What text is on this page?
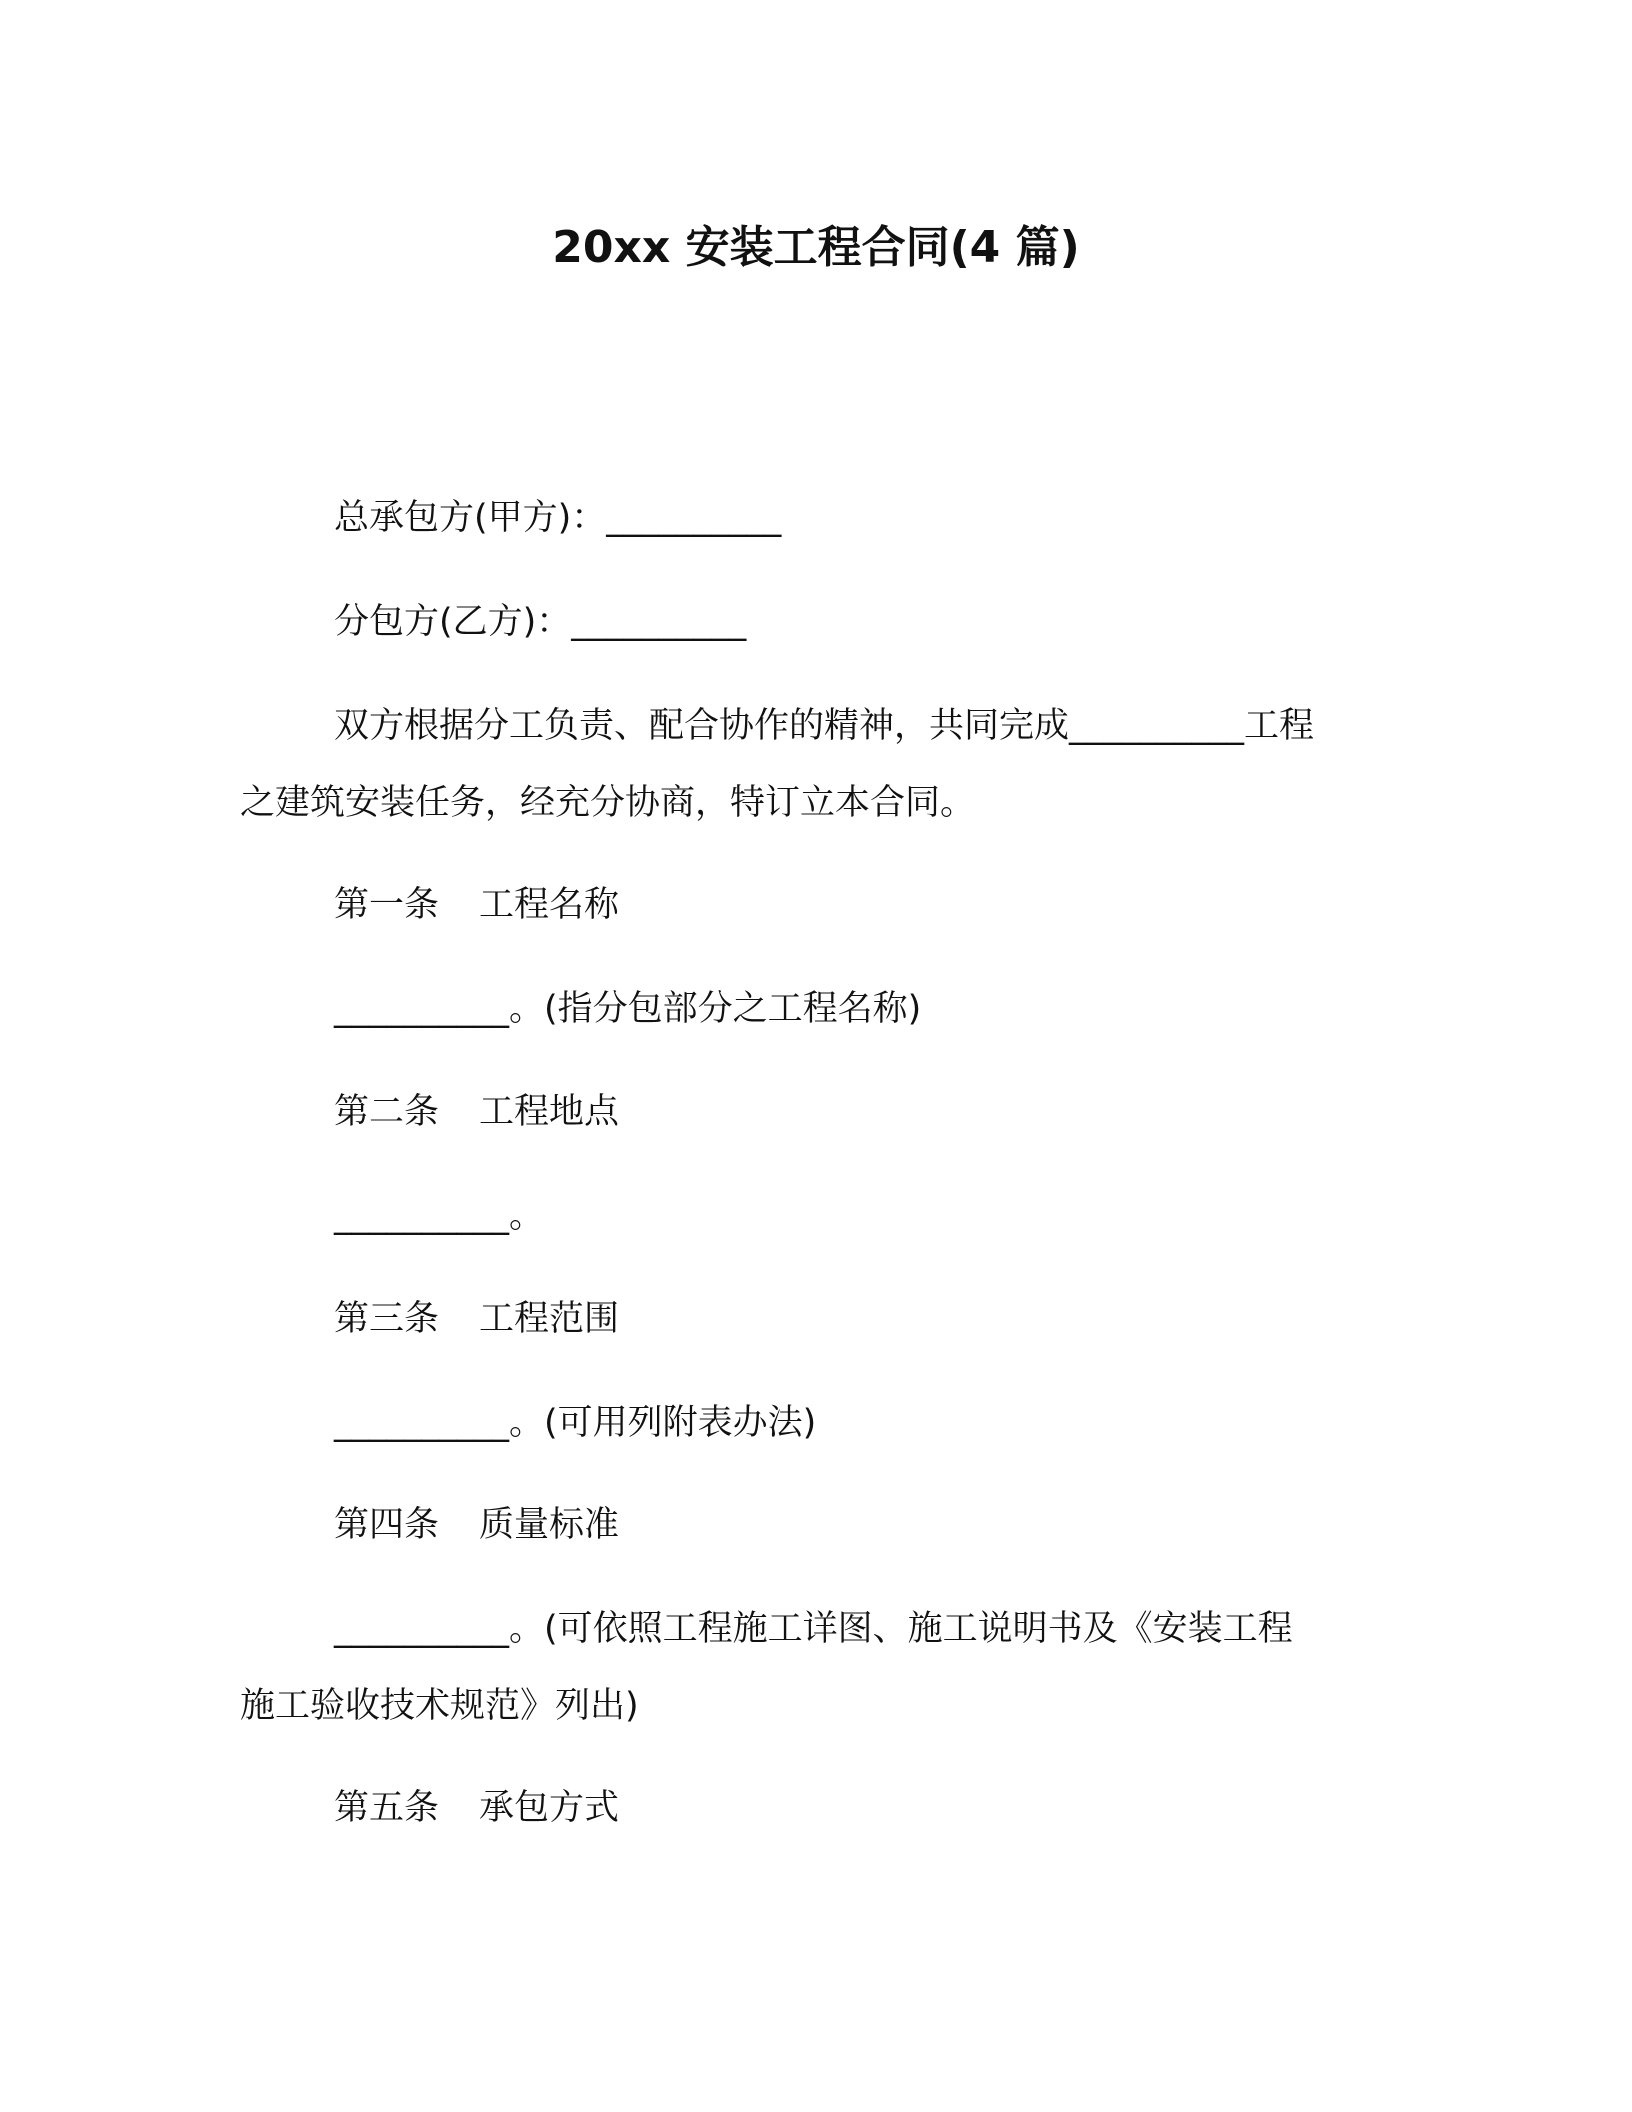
20xx 安装工程合同(4 篇)
总承包方(甲方)：__________
分包方(乙方)：__________
双方根据分工负责、配合协作的精神，共同完成__________工程
之建筑安装任务，经充分协商，特订立本合同。
第一条 工程名称
__________。(指分包部分之工程名称)
第二条 工程地点
__________。
第三条 工程范围
__________。(可用列附表办法)
第四条 质量标准
__________。(可依照工程施工详图、施工说明书及《安装工程
施工验收技术规范》列出)
第五条 承包方式
